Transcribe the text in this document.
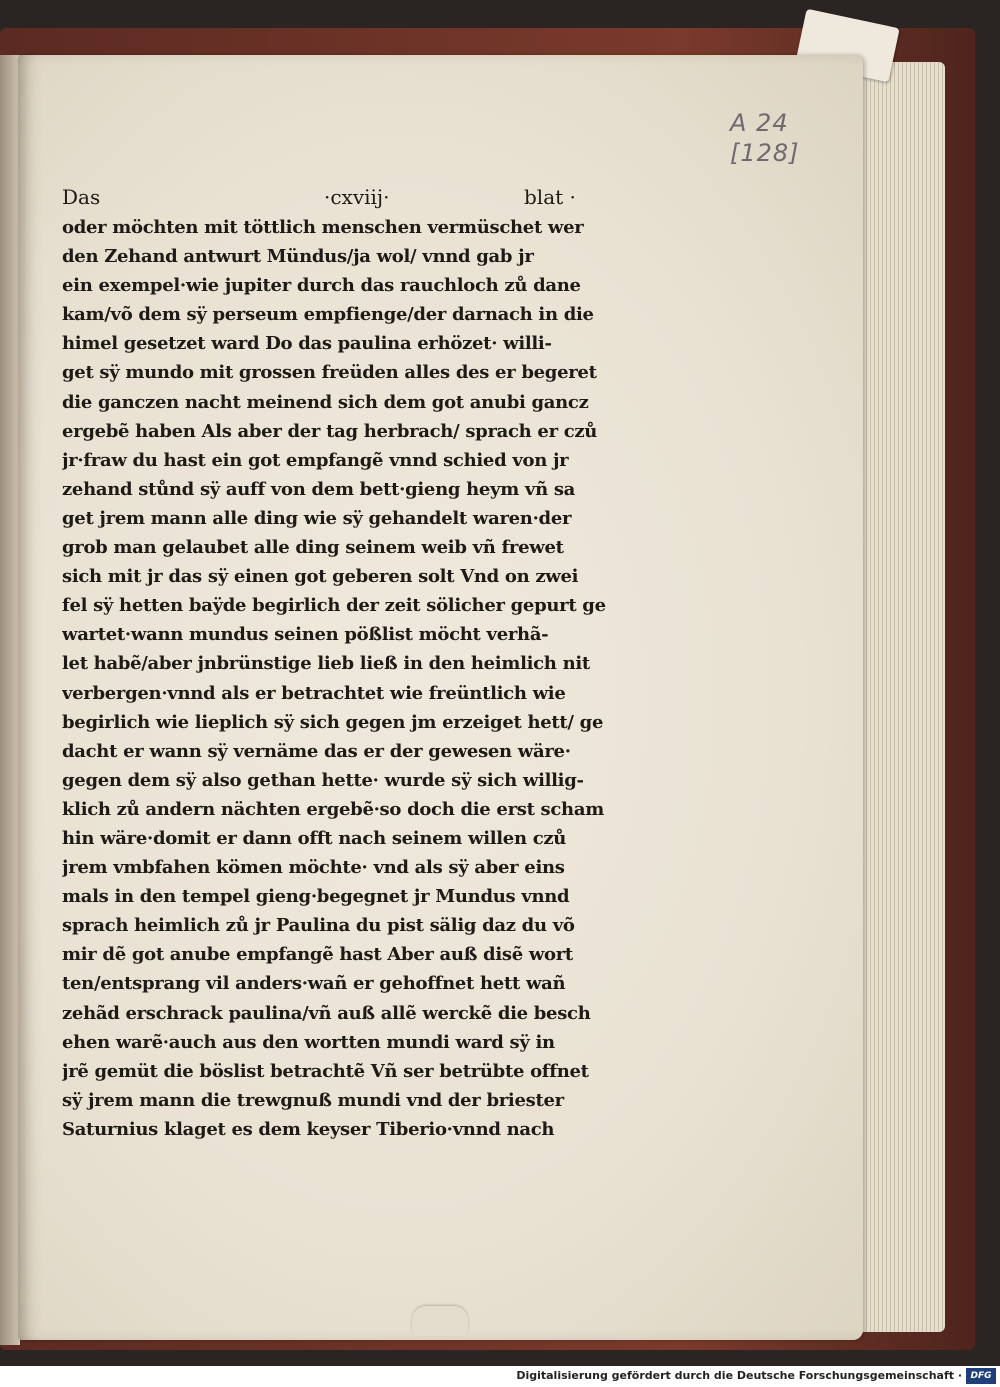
A 24
[128]
Das	·cxviij·	blat ·
oder möchten mit töttlich menschen vermüschet wer
den Zehand antwurt Mündus/ja wol/ vnnd gab jr
ein exempel·wie jupiter durch das rauchloch zů dane
kam/võ dem sÿ perseum empfienge/der darnach in die
himel gesetzet ward Do das paulina erhözet· willi-
get sÿ mundo mit grossen freüden alles des er begeret
die ganczen nacht meinend sich dem got anubi gancz
ergebẽ haben Als aber der tag herbrach/ sprach er czů
jr·fraw du hast ein got empfangẽ vnnd schied von jr
zehand stůnd sÿ auff von dem bett·gieng heym vñ sa
get jrem mann alle ding wie sÿ gehandelt waren·der
grob man gelaubet alle ding seinem weib vñ frewet
sich mit jr das sÿ einen got geberen solt Vnd on zwei
fel sÿ hetten baÿde begirlich der zeit sölicher gepurt ge
wartet·wann mundus seinen pößlist möcht verhã-
let habẽ/aber jnbrünstige lieb ließ in den heimlich nit
verbergen·vnnd als er betrachtet wie freüntlich wie
begirlich wie lieplich sÿ sich gegen jm erzeiget hett/ ge
dacht er wann sÿ vernäme das er der gewesen wäre·
gegen dem sÿ also gethan hette· wurde sÿ sich willig-
klich zů andern nächten ergebẽ·so doch die erst scham
hin wäre·domit er dann offt nach seinem willen czů
jrem vmbfahen kömen möchte· vnd als sÿ aber eins
mals in den tempel gieng·begegnet jr Mundus vnnd
sprach heimlich zů jr Paulina du pist sälig daz du võ
mir dẽ got anube empfangẽ hast Aber auß disẽ wort
ten/entsprang vil anders·wañ er gehoffnet hett wañ
zehãd erschrack paulina/vñ auß allẽ werckẽ die besch
ehen warẽ·auch aus den wortten mundi ward sÿ in
jrẽ gemüt die böslist betrachtẽ Vñ ser betrübte offnet
sÿ jrem mann die trewgnuß mundi vnd der briester
Saturnius klaget es dem keyser Tiberio·vnnd nach
Digitalisierung gefördert durch die Deutsche Forschungsgemeinschaft · DFG
